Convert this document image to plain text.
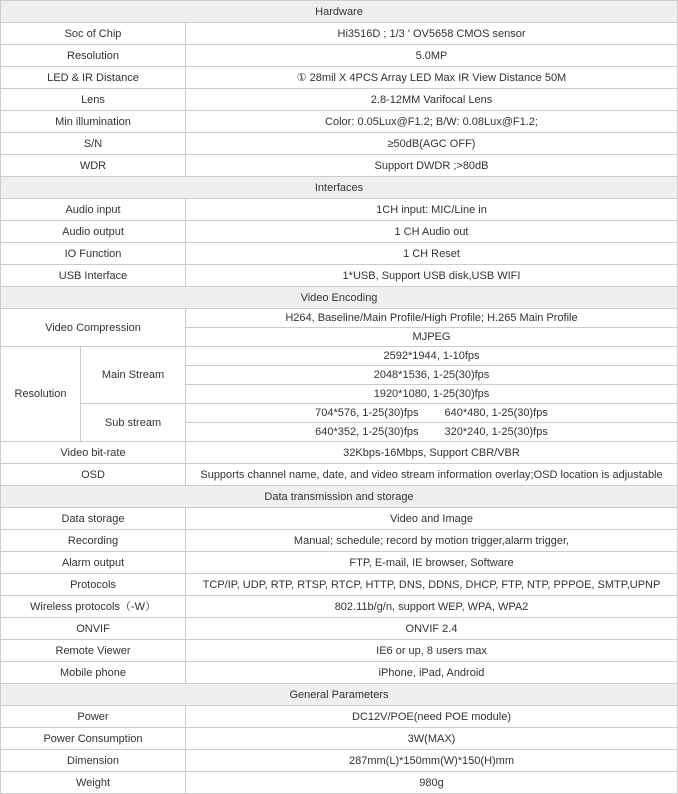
Hardware		
Soc of Chip		Hi3516D ; 1/3 ' OV5658 CMOS sensor
Resolution		5.0MP
LED & IR Distance		① 28mil X 4PCS Array LED Max IR View Distance 50M
Lens		2.8-12MM Varifocal Lens
Min illumination		Color: 0.05Lux@F1.2; B/W: 0.08Lux@F1.2;
S/N		≥50dB(AGC OFF)
WDR		Support DWDR ;>80dB
Interfaces		
Audio input		1CH input: MIC/Line in
Audio output		1 CH Audio out
IO Function		1 CH Reset
USB Interface		1*USB, Support USB disk,USB WIFI
Video Encoding		
Video Compression		H264, Baseline/Main Profile/High Profile; H.265 Main Profile
		MJPEG
Resolution	Main Stream	2592*1944, 1-10fps
		2048*1536, 1-25(30)fps
		1920*1080, 1-25(30)fps
	Sub stream	704*576, 1-25(30)fps 640*480, 1-25(30)fps
		640*352, 1-25(30)fps 320*240, 1-25(30)fps
Video bit-rate		32Kbps-16Mbps, Support CBR/VBR
OSD		Supports channel name, date, and video stream information overlay;OSD location is adjustable
Data transmission and storage		
Data storage		Video and Image
Recording		Manual; schedule; record by motion trigger,alarm trigger,
Alarm output		FTP, E-mail, IE browser, Software
Protocols		TCP/IP, UDP, RTP, RTSP, RTCP, HTTP, DNS, DDNS, DHCP, FTP, NTP, PPPOE, SMTP,UPNP
Wireless protocols（-W）		802.11b/g/n, support WEP, WPA, WPA2
ONVIF		ONVIF 2.4
Remote Viewer		IE6 or up, 8 users max
Mobile phone		iPhone, iPad, Android
General Parameters		
Power		DC12V/POE(need POE module)
Power Consumption		3W(MAX)
Dimension		287mm(L)*150mm(W)*150(H)mm
Weight		980g
